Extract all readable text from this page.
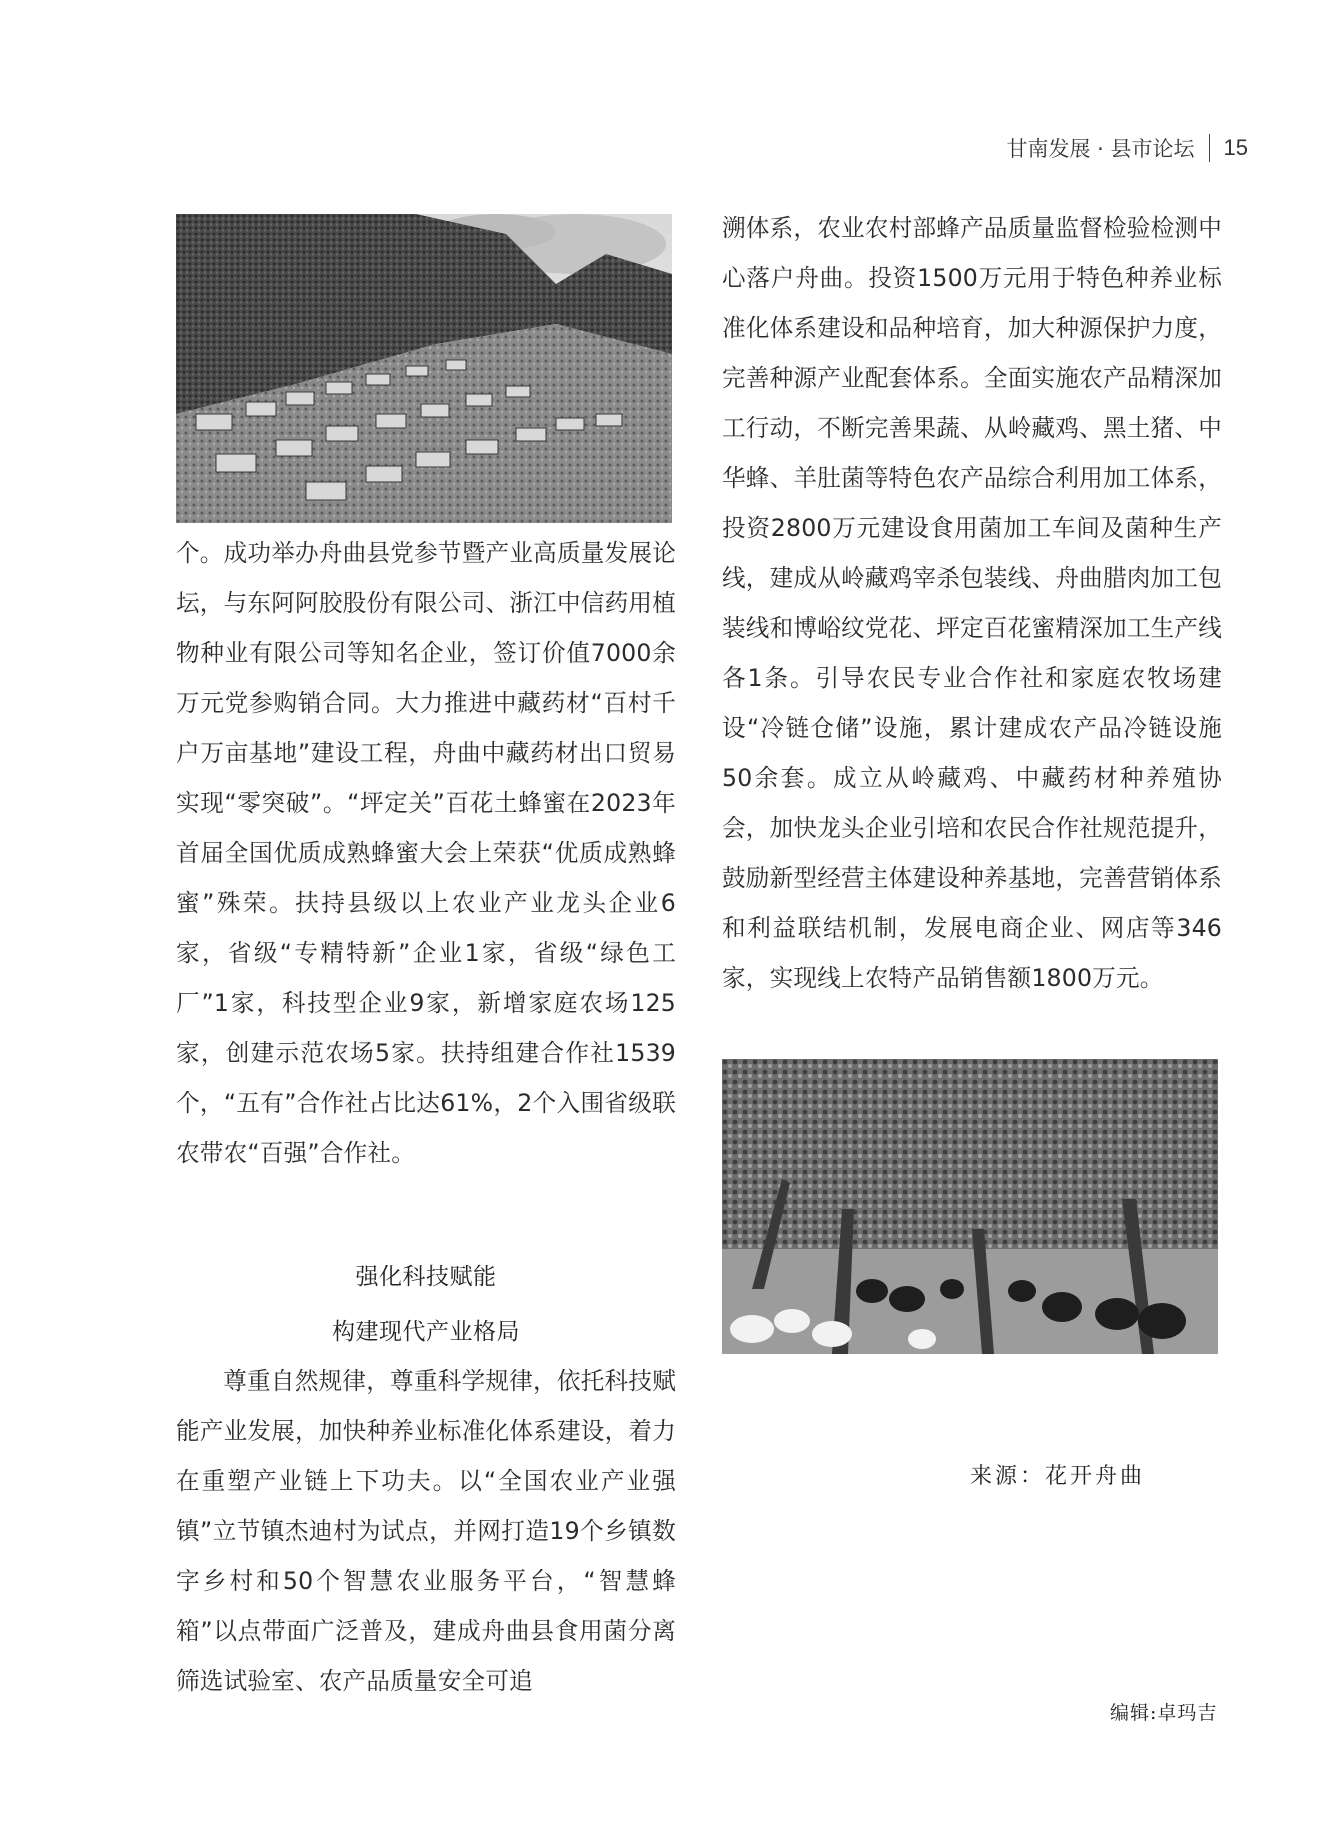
甘南发展 · 县市论坛 15

个。成功举办舟曲县党参节暨产业高质量发展论坛，与东阿阿胶股份有限公司、浙江中信药用植物种业有限公司等知名企业，签订价值7000余万元党参购销合同。大力推进中藏药材“百村千户万亩基地”建设工程，舟曲中藏药材出口贸易实现“零突破”。“坪定关”百花土蜂蜜在2023年首届全国优质成熟蜂蜜大会上荣获“优质成熟蜂蜜”殊荣。扶持县级以上农业产业龙头企业6家，省级“专精特新”企业1家，省级“绿色工厂”1家，科技型企业9家，新增家庭农场125家，创建示范农场5家。扶持组建合作社1539个，“五有”合作社占比达61%，2个入围省级联农带农“百强”合作社。

强化科技赋能
构建现代产业格局

尊重自然规律，尊重科学规律，依托科技赋能产业发展，加快种养业标准化体系建设，着力在重塑产业链上下功夫。以“全国农业产业强镇”立节镇杰迪村为试点，并网打造19个乡镇数字乡村和50个智慧农业服务平台，“智慧蜂箱”以点带面广泛普及，建成舟曲县食用菌分离筛选试验室、农产品质量安全可追

溯体系，农业农村部蜂产品质量监督检验检测中心落户舟曲。投资1500万元用于特色种养业标准化体系建设和品种培育，加大种源保护力度，完善种源产业配套体系。全面实施农产品精深加工行动，不断完善果蔬、从岭藏鸡、黑土猪、中华蜂、羊肚菌等特色农产品综合利用加工体系，投资2800万元建设食用菌加工车间及菌种生产线，建成从岭藏鸡宰杀包装线、舟曲腊肉加工包装线和博峪纹党花、坪定百花蜜精深加工生产线各1条。引导农民专业合作社和家庭农牧场建设“冷链仓储”设施，累计建成农产品冷链设施50余套。成立从岭藏鸡、中藏药材种养殖协会，加快龙头企业引培和农民合作社规范提升，鼓励新型经营主体建设种养基地，完善营销体系和利益联结机制，发展电商企业、网店等346家，实现线上农特产品销售额1800万元。

来源：花开舟曲
编辑:卓玛吉
